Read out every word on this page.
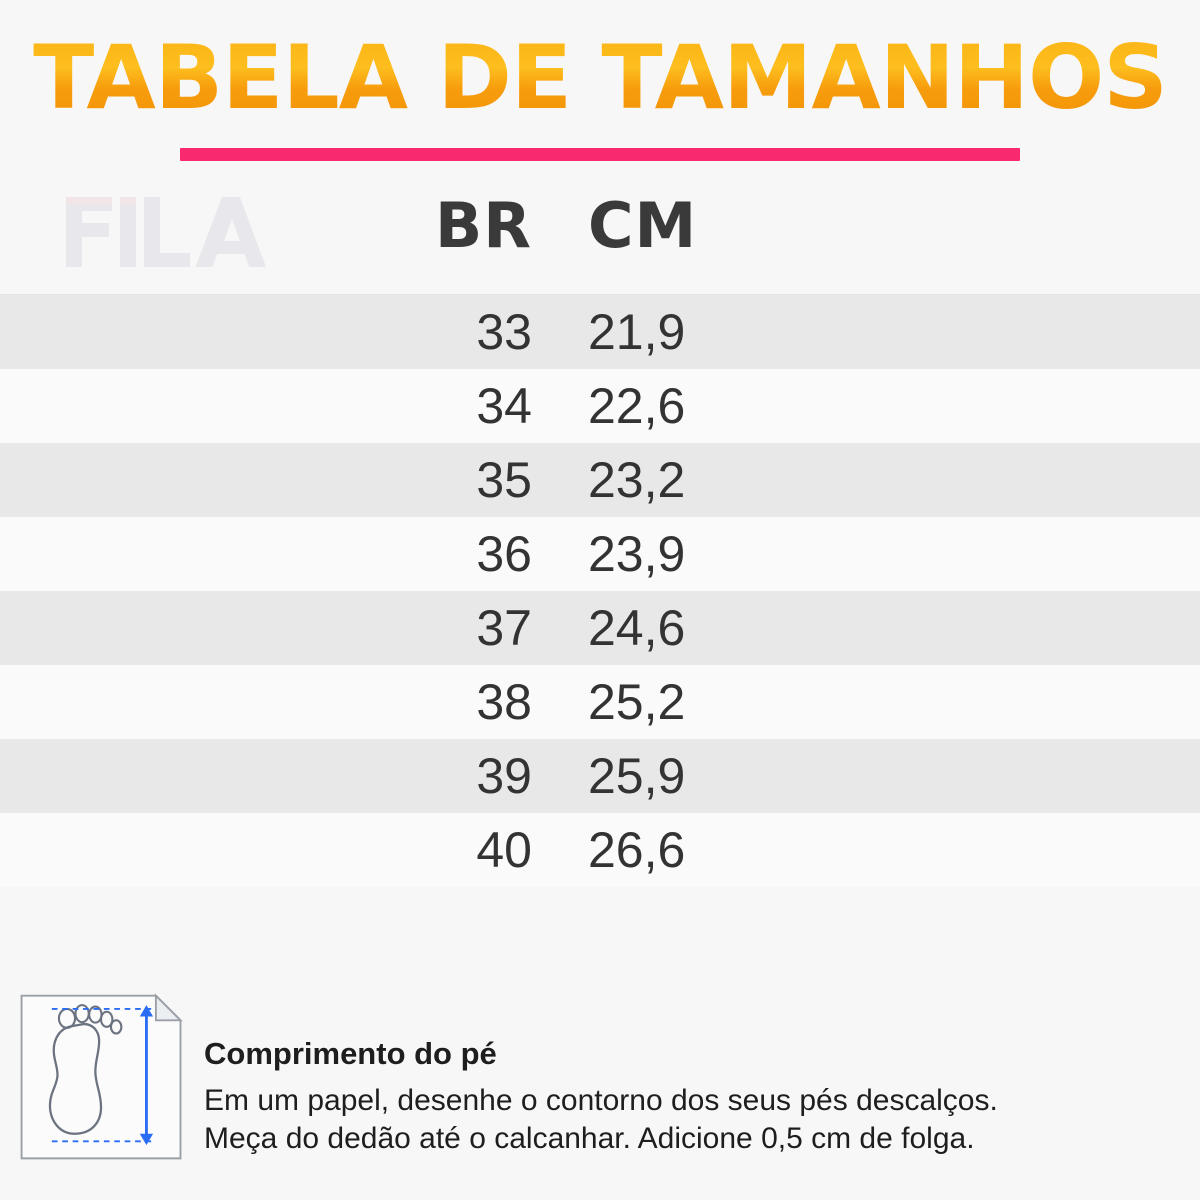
TABELA DE TAMANHOS
BR CM
33	21,9
34	22,6
35	23,2
36	23,9
37	24,6
38	25,2
39	25,9
40	26,6

Comprimento do pé

Em um papel, desenhe o contorno dos seus pés descalços.

Meça do dedão até o calcanhar. Adicione 0,5 cm de folga.
